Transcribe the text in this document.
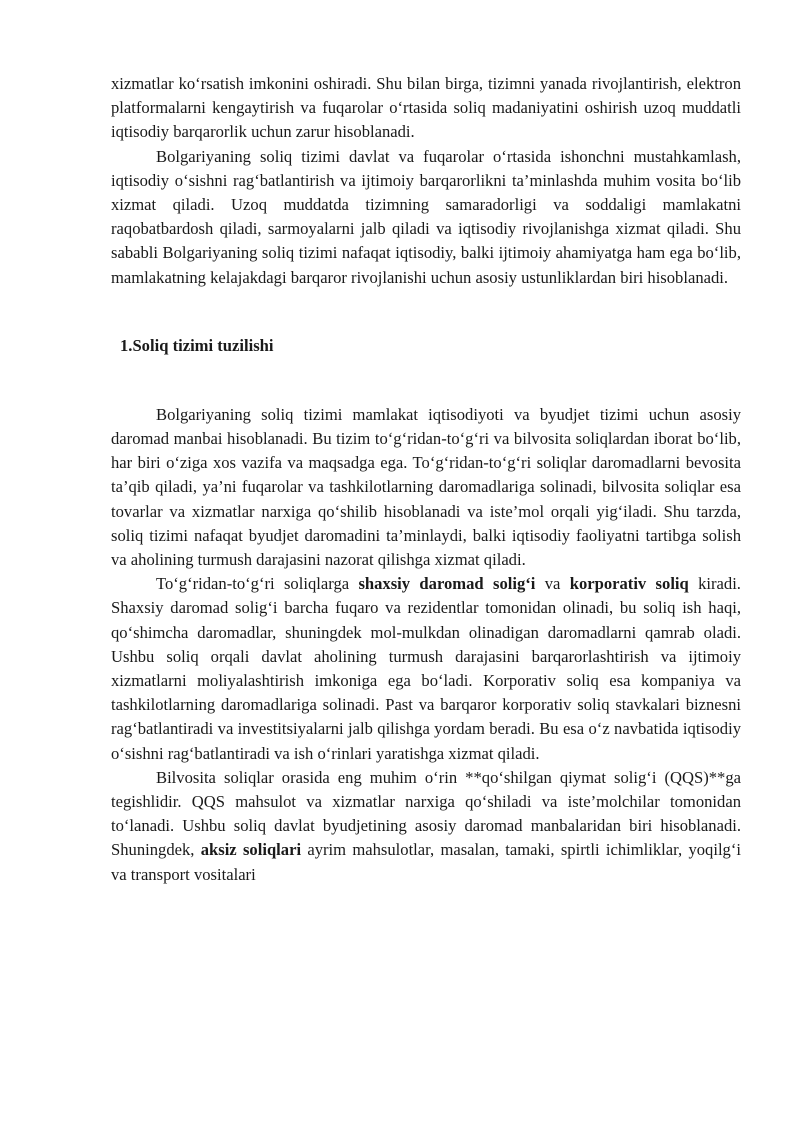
xizmatlar ko‘rsatish imkonini oshiradi. Shu bilan birga, tizimni yanada rivojlantirish, elektron platformalarni kengaytirish va fuqarolar o‘rtasida soliq madaniyatini oshirish uzoq muddatli iqtisodiy barqarorlik uchun zarur hisoblanadi.

Bolgariyaning soliq tizimi davlat va fuqarolar o‘rtasida ishonchni mustahkamlash, iqtisodiy o‘sishni rag‘batlantirish va ijtimoiy barqarorlikni ta’minlashda muhim vosita bo‘lib xizmat qiladi. Uzoq muddatda tizimning samaradorligi va soddaligi mamlakatni raqobatbardosh qiladi, sarmoyalarni jalb qiladi va iqtisodiy rivojlanishga xizmat qiladi. Shu sababli Bolgariyaning soliq tizimi nafaqat iqtisodiy, balki ijtimoiy ahamiyatga ham ega bo‘lib, mamlakatning kelajakdagi barqaror rivojlanishi uchun asosiy ustunliklardan biri hisoblanadi.

1.Soliq tizimi tuzilishi

Bolgariyaning soliq tizimi mamlakat iqtisodiyoti va byudjet tizimi uchun asosiy daromad manbai hisoblanadi. Bu tizim to‘g‘ridan-to‘g‘ri va bilvosita soliqlardan iborat bo‘lib, har biri o‘ziga xos vazifa va maqsadga ega. To‘g‘ridan-to‘g‘ri soliqlar daromadlarni bevosita ta’qib qiladi, ya’ni fuqarolar va tashkilotlarning daromadlariga solinadi, bilvosita soliqlar esa tovarlar va xizmatlar narxiga qo‘shilib hisoblanadi va iste’mol orqali yig‘iladi. Shu tarzda, soliq tizimi nafaqat byudjet daromadini ta’minlaydi, balki iqtisodiy faoliyatni tartibga solish va aholining turmush darajasini nazorat qilishga xizmat qiladi.

To‘g‘ridan-to‘g‘ri soliqlarga shaxsiy daromad solig‘i va korporativ soliq kiradi. Shaxsiy daromad solig‘i barcha fuqaro va rezidentlar tomonidan olinadi, bu soliq ish haqi, qo‘shimcha daromadlar, shuningdek mol-mulkdan olinadigan daromadlarni qamrab oladi. Ushbu soliq orqali davlat aholining turmush darajasini barqarorlashtirish va ijtimoiy xizmatlarni moliyalashtirish imkoniga ega bo‘ladi. Korporativ soliq esa kompaniya va tashkilotlarning daromadlariga solinadi. Past va barqaror korporativ soliq stavkalari biznesni rag‘batlantiradi va investitsiyalarni jalb qilishga yordam beradi. Bu esa o‘z navbatida iqtisodiy o‘sishni rag‘batlantiradi va ish o‘rinlari yaratishga xizmat qiladi.

Bilvosita soliqlar orasida eng muhim o‘rin **qo‘shilgan qiymat solig‘i (QQS)**ga tegishlidir. QQS mahsulot va xizmatlar narxiga qo‘shiladi va iste’molchilar tomonidan to‘lanadi. Ushbu soliq davlat byudjetining asosiy daromad manbalaridan biri hisoblanadi. Shuningdek, aksiz soliqlari ayrim mahsulotlar, masalan, tamaki, spirtli ichimliklar, yoqilg‘i va transport vositalari
